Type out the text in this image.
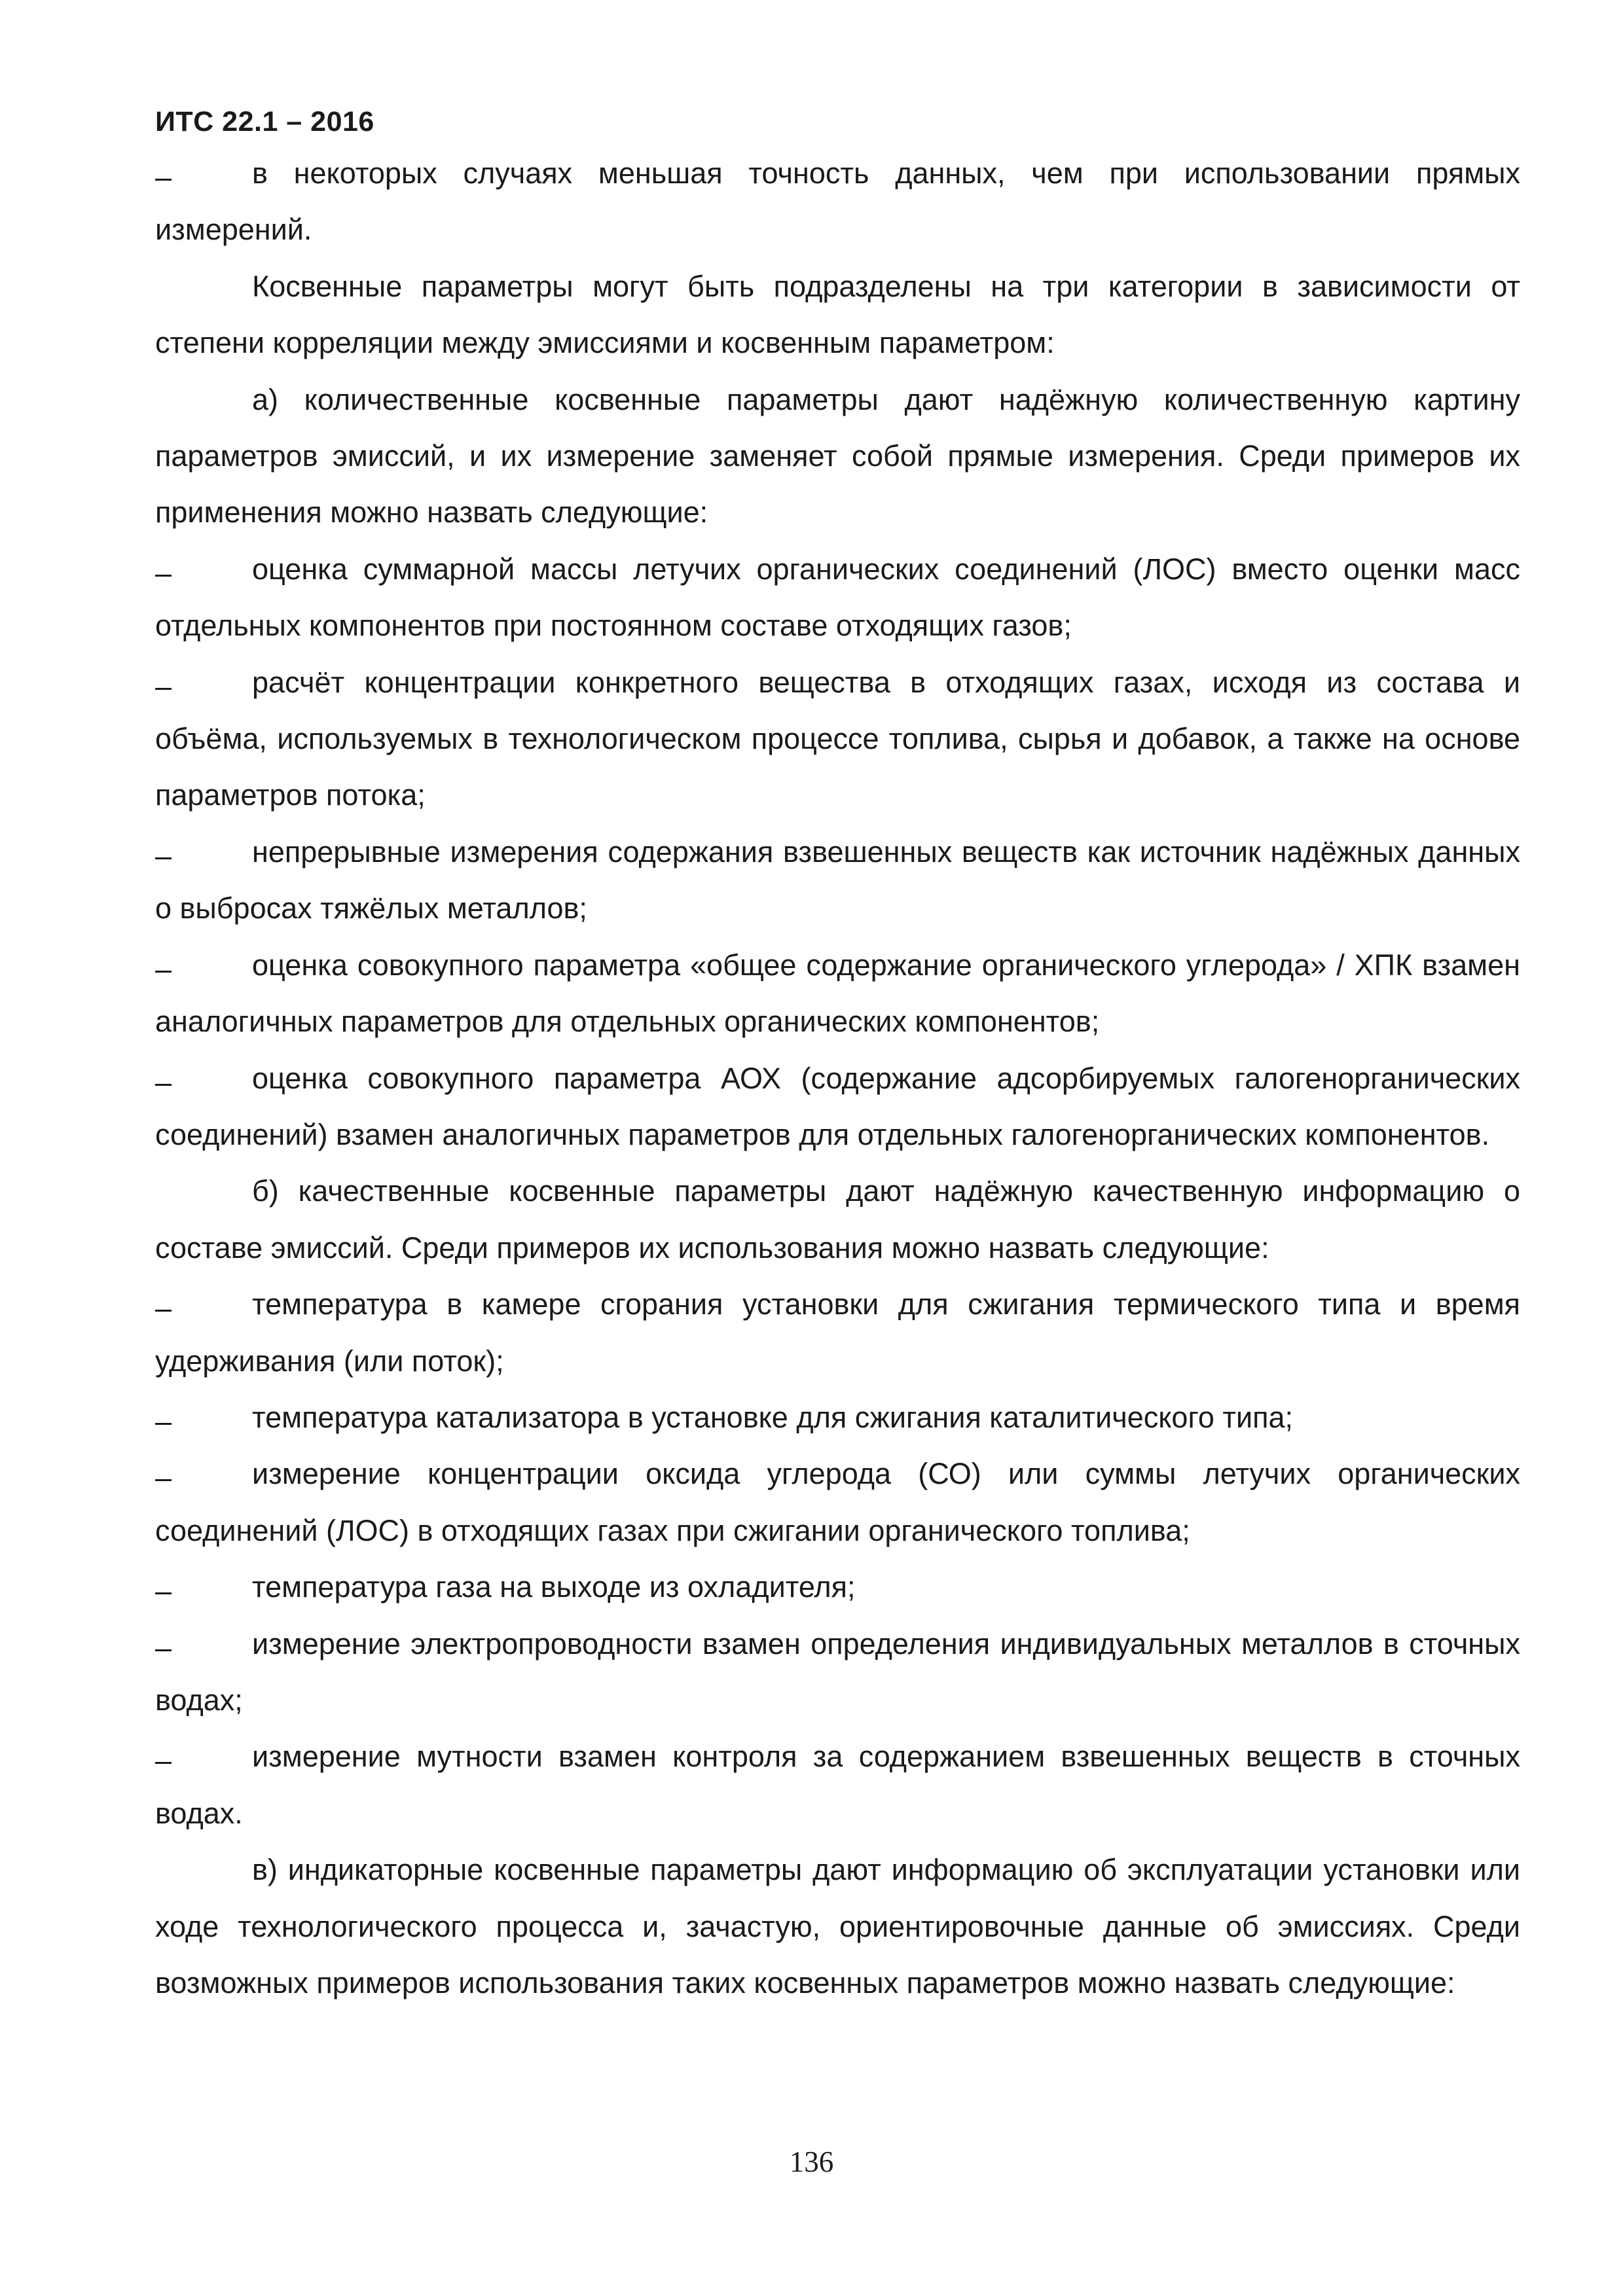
ИТС 22.1 – 2016

–	в некоторых случаях меньшая точность данных, чем при использовании прямых измерений.

Косвенные параметры могут быть подразделены на три категории в зависимости от степени корреляции между эмиссиями и косвенным параметром:

а) количественные косвенные параметры дают надёжную количественную картину параметров эмиссий, и их измерение заменяет собой прямые измерения. Среди примеров их применения можно назвать следующие:

–	оценка суммарной массы летучих органических соединений (ЛОС) вместо оценки масс отдельных компонентов при постоянном составе отходящих газов;

–	расчёт концентрации конкретного вещества в отходящих газах, исходя из состава и объёма, используемых в технологическом процессе топлива, сырья и добавок, а также на основе параметров потока;

–	непрерывные измерения содержания взвешенных веществ как источник надёжных данных о выбросах тяжёлых металлов;

–	оценка совокупного параметра «общее содержание органического углерода» / ХПК взамен аналогичных параметров для отдельных органических компонентов;

–	оценка совокупного параметра АОХ (содержание адсорбируемых галогенорганических соединений) взамен аналогичных параметров для отдельных галогенорганических компонентов.

б) качественные косвенные параметры дают надёжную качественную информацию о составе эмиссий. Среди примеров их использования можно назвать следующие:

–	температура в камере сгорания установки для сжигания термического типа и время удерживания (или поток);

–	температура катализатора в установке для сжигания каталитического типа;

–	измерение концентрации оксида углерода (СО) или суммы летучих органических соединений (ЛОС) в отходящих газах при сжигании органического топлива;

–	температура газа на выходе из охладителя;

–	измерение электропроводности взамен определения индивидуальных металлов в сточных водах;

–	измерение мутности взамен контроля за содержанием взвешенных веществ в сточных водах.

в) индикаторные косвенные параметры дают информацию об эксплуатации установки или ходе технологического процесса и, зачастую, ориентировочные данные об эмиссиях. Среди возможных примеров использования таких косвенных параметров можно назвать следующие:

136
